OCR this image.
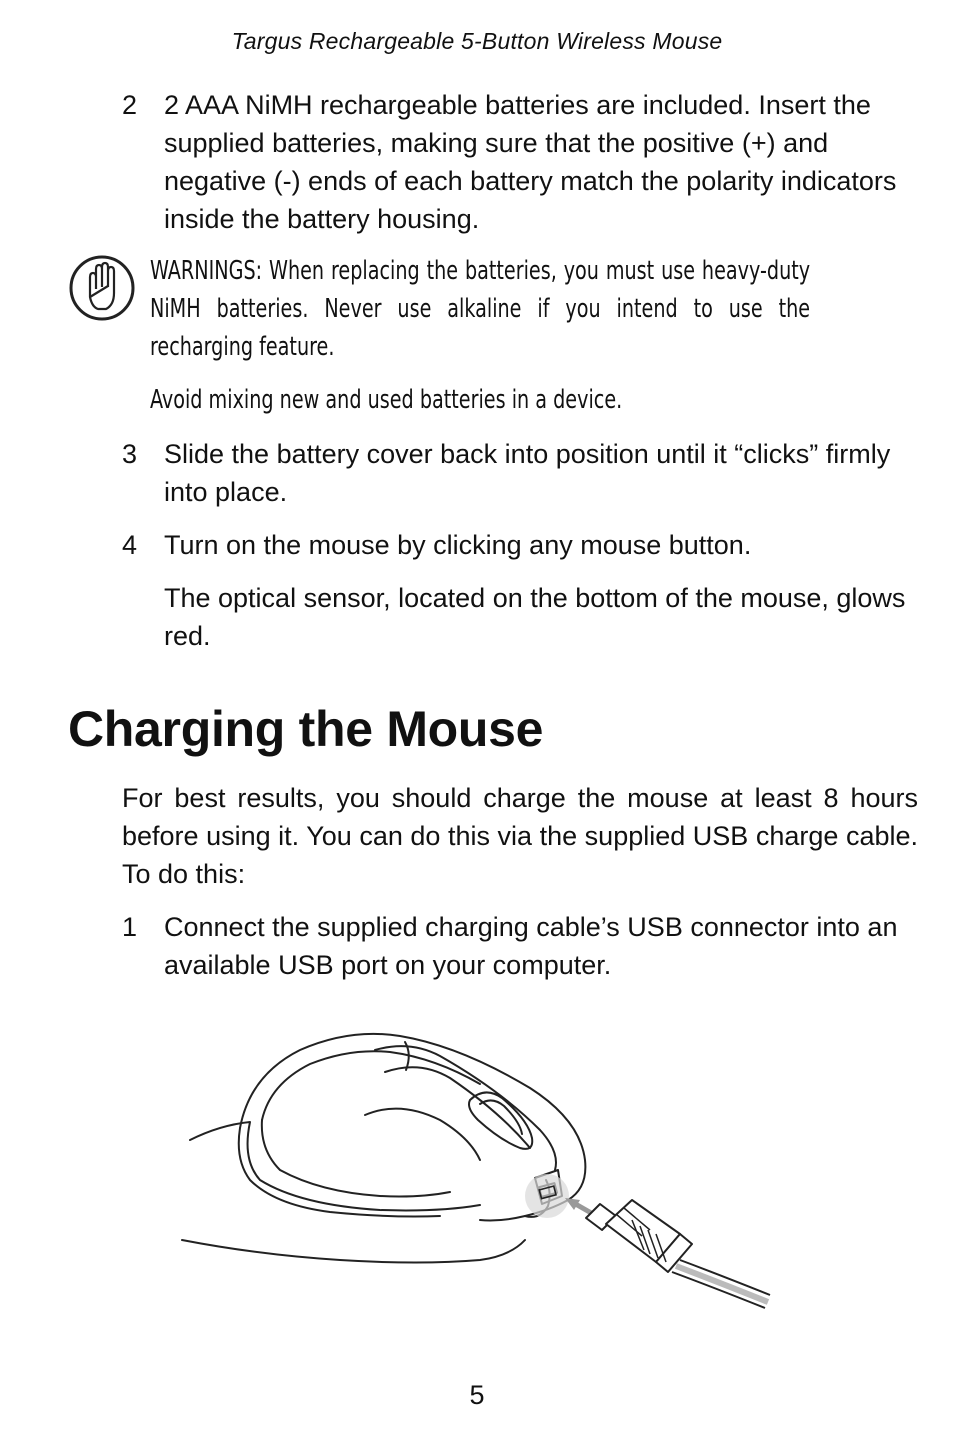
Targus Rechargeable 5-Button Wireless Mouse
2 2 AAA NiMH rechargeable batteries are included. Insert the supplied batteries, making sure that the positive (+) and negative (-) ends of each battery match the polarity indicators inside the battery housing.
WARNINGS: When replacing the batteries, you must use heavy-duty NiMH batteries. Never use alkaline if you intend to use the recharging feature.
Avoid mixing new and used batteries in a device.
3 Slide the battery cover back into position until it “clicks” firmly into place.
4 Turn on the mouse by clicking any mouse button.
The optical sensor, located on the bottom of the mouse, glows red.
Charging the Mouse
For best results, you should charge the mouse at least 8 hours before using it. You can do this via the supplied USB charge cable. To do this:
1 Connect the supplied charging cable’s USB connector into an available USB port on your computer.
5
